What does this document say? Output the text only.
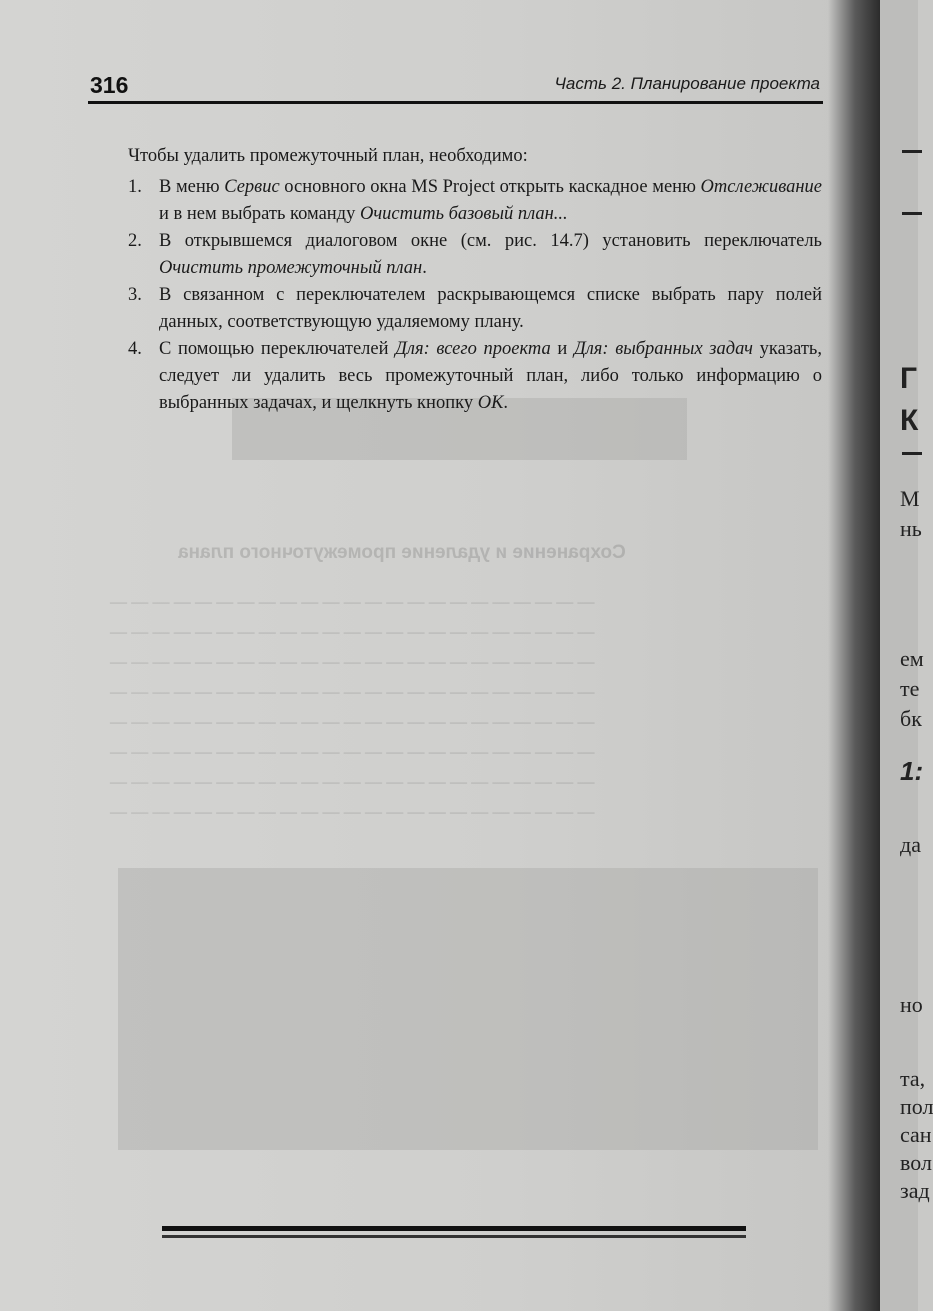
316	Часть 2. Планирование проекта
Сохранение и удаление промежуточного плана
— — — — — — — — — — — — — — — — — — — — — — —
— — — — — — — — — — — — — — — — — — — — — — —
— — — — — — — — — — — — — — — — — — — — — — —
— — — — — — — — — — — — — — — — — — — — — — —
— — — — — — — — — — — — — — — — — — — — — — —
— — — — — — — — — — — — — — — — — — — — — — —
— — — — — — — — — — — — — — — — — — — — — — —
— — — — — — — — — — — — — — — — — — — — — — —

Чтобы удалить промежуточный план, необходимо:

1. В меню Сервис основного окна MS Project открыть каскадное меню Отслеживание и в нем выбрать команду Очистить базовый план...
2. В открывшемся диалоговом окне (см. рис. 14.7) установить переключатель Очистить промежуточный план.
3. В связанном с переключателем раскрывающемся списке выбрать пару полей данных, соответствующую удаляемому плану.
4. С помощью переключателей Для: всего проекта и Для: выбранных задач указать, следует ли удалить весь промежуточный план, либо только информацию о выбранных задачах, и щелкнуть кнопку ОК.
Г
К
М
нь
ем
те
бк
1:
да
но
та,
пол
сан
вол
зад
